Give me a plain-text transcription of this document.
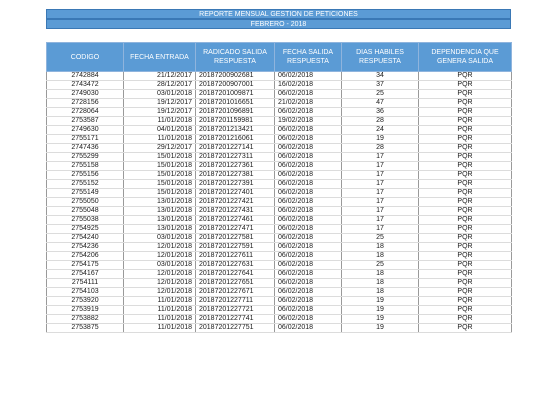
REPORTE MENSUAL GESTION DE PETICIONES
FEBRERO - 2018
CODIGO	FECHA ENTRADA	RADICADO SALIDA RESPUESTA	FECHA SALIDA RESPUESTA	DIAS HABILES RESPUESTA	DEPENDENCIA QUE GENERA SALIDA
2742884	21/12/2017	20187200902681	06/02/2018	34	PQR
2743472	28/12/2017	20187200907001	16/02/2018	37	PQR
2749030	03/01/2018	20187201009871	06/02/2018	25	PQR
2728156	19/12/2017	20187201016651	21/02/2018	47	PQR
2728064	19/12/2017	20187201096891	06/02/2018	36	PQR
2753587	11/01/2018	20187201159981	19/02/2018	28	PQR
2749630	04/01/2018	20187201213421	06/02/2018	24	PQR
2755171	11/01/2018	20187201216061	06/02/2018	19	PQR
2747436	29/12/2017	20187201227141	06/02/2018	28	PQR
2755299	15/01/2018	20187201227311	06/02/2018	17	PQR
2755158	15/01/2018	20187201227361	06/02/2018	17	PQR
2755156	15/01/2018	20187201227381	06/02/2018	17	PQR
2755152	15/01/2018	20187201227391	06/02/2018	17	PQR
2755149	15/01/2018	20187201227401	06/02/2018	17	PQR
2755050	13/01/2018	20187201227421	06/02/2018	17	PQR
2755048	13/01/2018	20187201227431	06/02/2018	17	PQR
2755038	13/01/2018	20187201227461	06/02/2018	17	PQR
2754925	13/01/2018	20187201227471	06/02/2018	17	PQR
2754240	03/01/2018	20187201227581	06/02/2018	25	PQR
2754236	12/01/2018	20187201227591	06/02/2018	18	PQR
2754206	12/01/2018	20187201227611	06/02/2018	18	PQR
2754175	03/01/2018	20187201227631	06/02/2018	25	PQR
2754167	12/01/2018	20187201227641	06/02/2018	18	PQR
2754111	12/01/2018	20187201227651	06/02/2018	18	PQR
2754103	12/01/2018	20187201227671	06/02/2018	18	PQR
2753920	11/01/2018	20187201227711	06/02/2018	19	PQR
2753919	11/01/2018	20187201227721	06/02/2018	19	PQR
2753882	11/01/2018	20187201227741	06/02/2018	19	PQR
2753875	11/01/2018	20187201227751	06/02/2018	19	PQR
